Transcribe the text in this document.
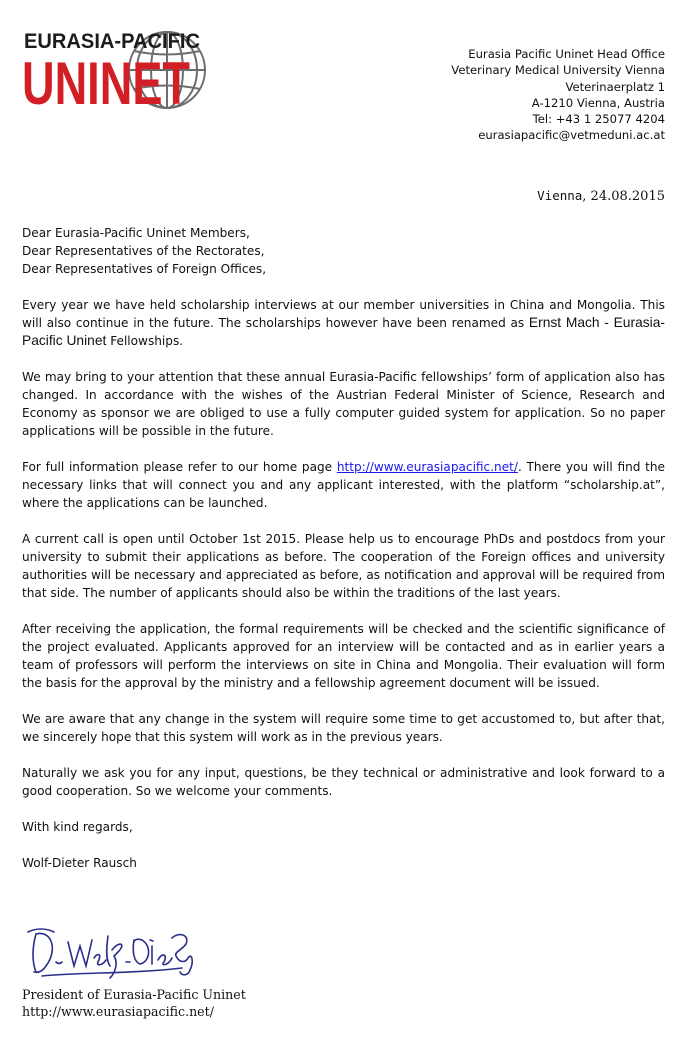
EURASIA-PACIFIC
UNINET	Eurasia Pacific Uninet Head Office
Veterinary Medical University Vienna
Veterinaerplatz 1
A-1210 Vienna, Austria
Tel: +43 1 25077 4204
eurasiapacific@vetmeduni.ac.at
Vienna, 24.08.2015
Dear Eurasia-Pacific Uninet Members,
Dear Representatives of the Rectorates,
Dear Representatives of Foreign Offices,

Every year we have held scholarship interviews at our member universities in China and Mongolia. This will also continue in the future. The scholarships however have been renamed as Ernst Mach - Eurasia-Pacific Uninet Fellowships.

We may bring to your attention that these annual Eurasia-Pacific fellowships’ form of application also has changed. In accordance with the wishes of the Austrian Federal Minister of Science, Research and Economy as sponsor we are obliged to use a fully computer guided system for application. So no paper applications will be possible in the future.

For full information please refer to our home page http://www.eurasiapacific.net/. There you will find the necessary links that will connect you and any applicant interested, with the platform “scholarship.at”, where the applications can be launched.

A current call is open until October 1st 2015. Please help us to encourage PhDs and postdocs from your university to submit their applications as before. The cooperation of the Foreign offices and university authorities will be necessary and appreciated as before, as notification and approval will be required from that side. The number of applicants should also be within the traditions of the last years.

After receiving the application, the formal requirements will be checked and the scientific significance of the project evaluated. Applicants approved for an interview will be contacted and as in earlier years a team of professors will perform the interviews on site in China and Mongolia. Their evaluation will form the basis for the approval by the ministry and a fellowship agreement document will be issued.

We are aware that any change in the system will require some time to get accustomed to, but after that, we sincerely hope that this system will work as in the previous years.

Naturally we ask you for any input, questions, be they technical or administrative and look forward to a good cooperation. So we welcome your comments.

With kind regards,
Wolf-Dieter Rausch
Dr. Wolf-Dieter Rausch
President of Eurasia-Pacific Uninet
http://www.eurasiapacific.net/
